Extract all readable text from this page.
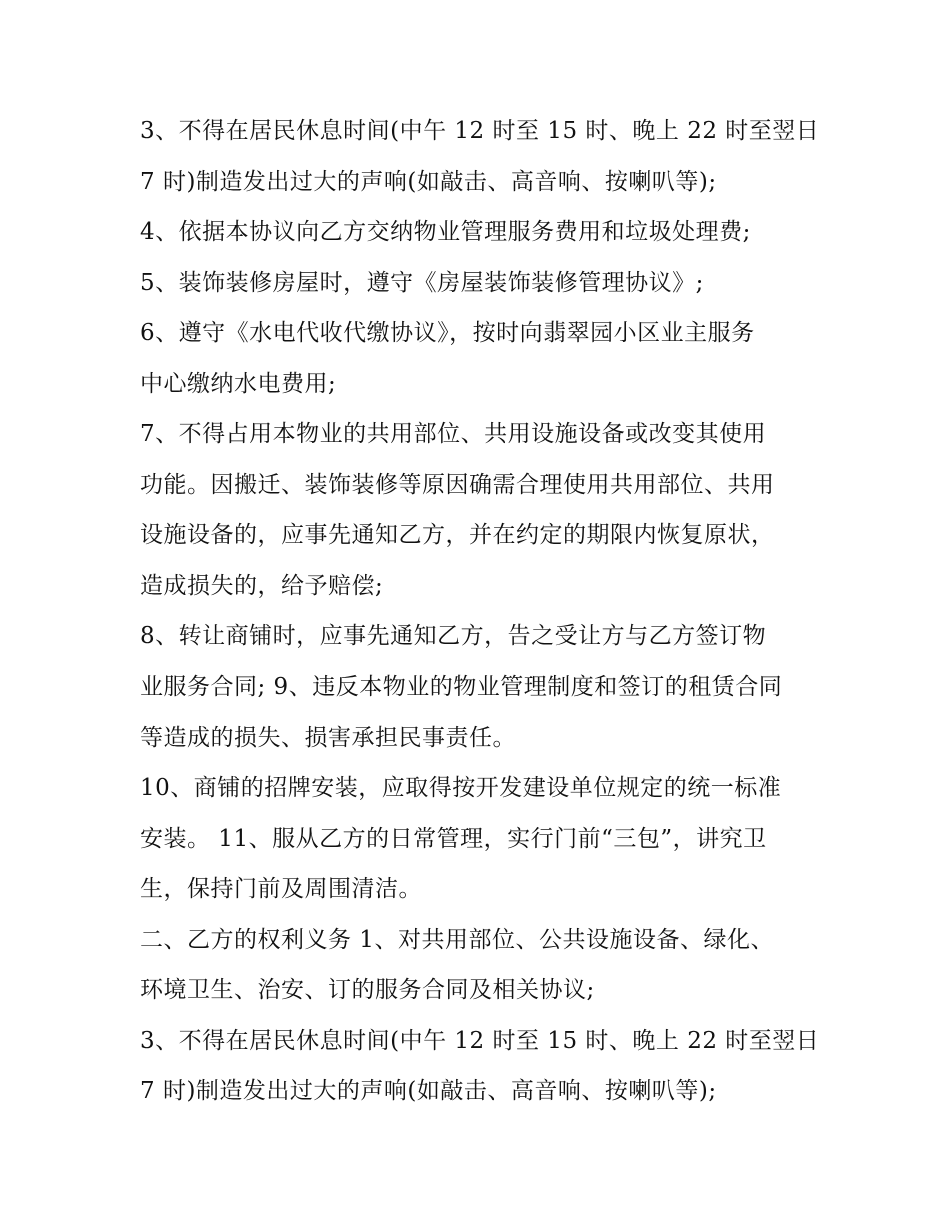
3、不得在居民休息时间(中午 12 时至 15 时、晚上 22 时至翌日
7 时)制造发出过大的声响(如敲击、高音响、按喇叭等);
4、依据本协议向乙方交纳物业管理服务费用和垃圾处理费;
5、装饰装修房屋时，遵守《房屋装饰装修管理协议》;
6、遵守《水电代收代缴协议》，按时向翡翠园小区业主服务
中心缴纳水电费用;
7、不得占用本物业的共用部位、共用设施设备或改变其使用
功能。因搬迁、装饰装修等原因确需合理使用共用部位、共用
设施设备的，应事先通知乙方，并在约定的期限内恢复原状，
造成损失的，给予赔偿;
8、转让商铺时，应事先通知乙方，告之受让方与乙方签订物
业服务合同; 9、违反本物业的物业管理制度和签订的租赁合同
等造成的损失、损害承担民事责任。
10、商铺的招牌安装，应取得按开发建设单位规定的统一标准
安装。 11、服从乙方的日常管理，实行门前“三包”，讲究卫
生，保持门前及周围清洁。
二、乙方的权利义务 1、对共用部位、公共设施设备、绿化、
环境卫生、治安、订的服务合同及相关协议;
3、不得在居民休息时间(中午 12 时至 15 时、晚上 22 时至翌日
7 时)制造发出过大的声响(如敲击、高音响、按喇叭等);
